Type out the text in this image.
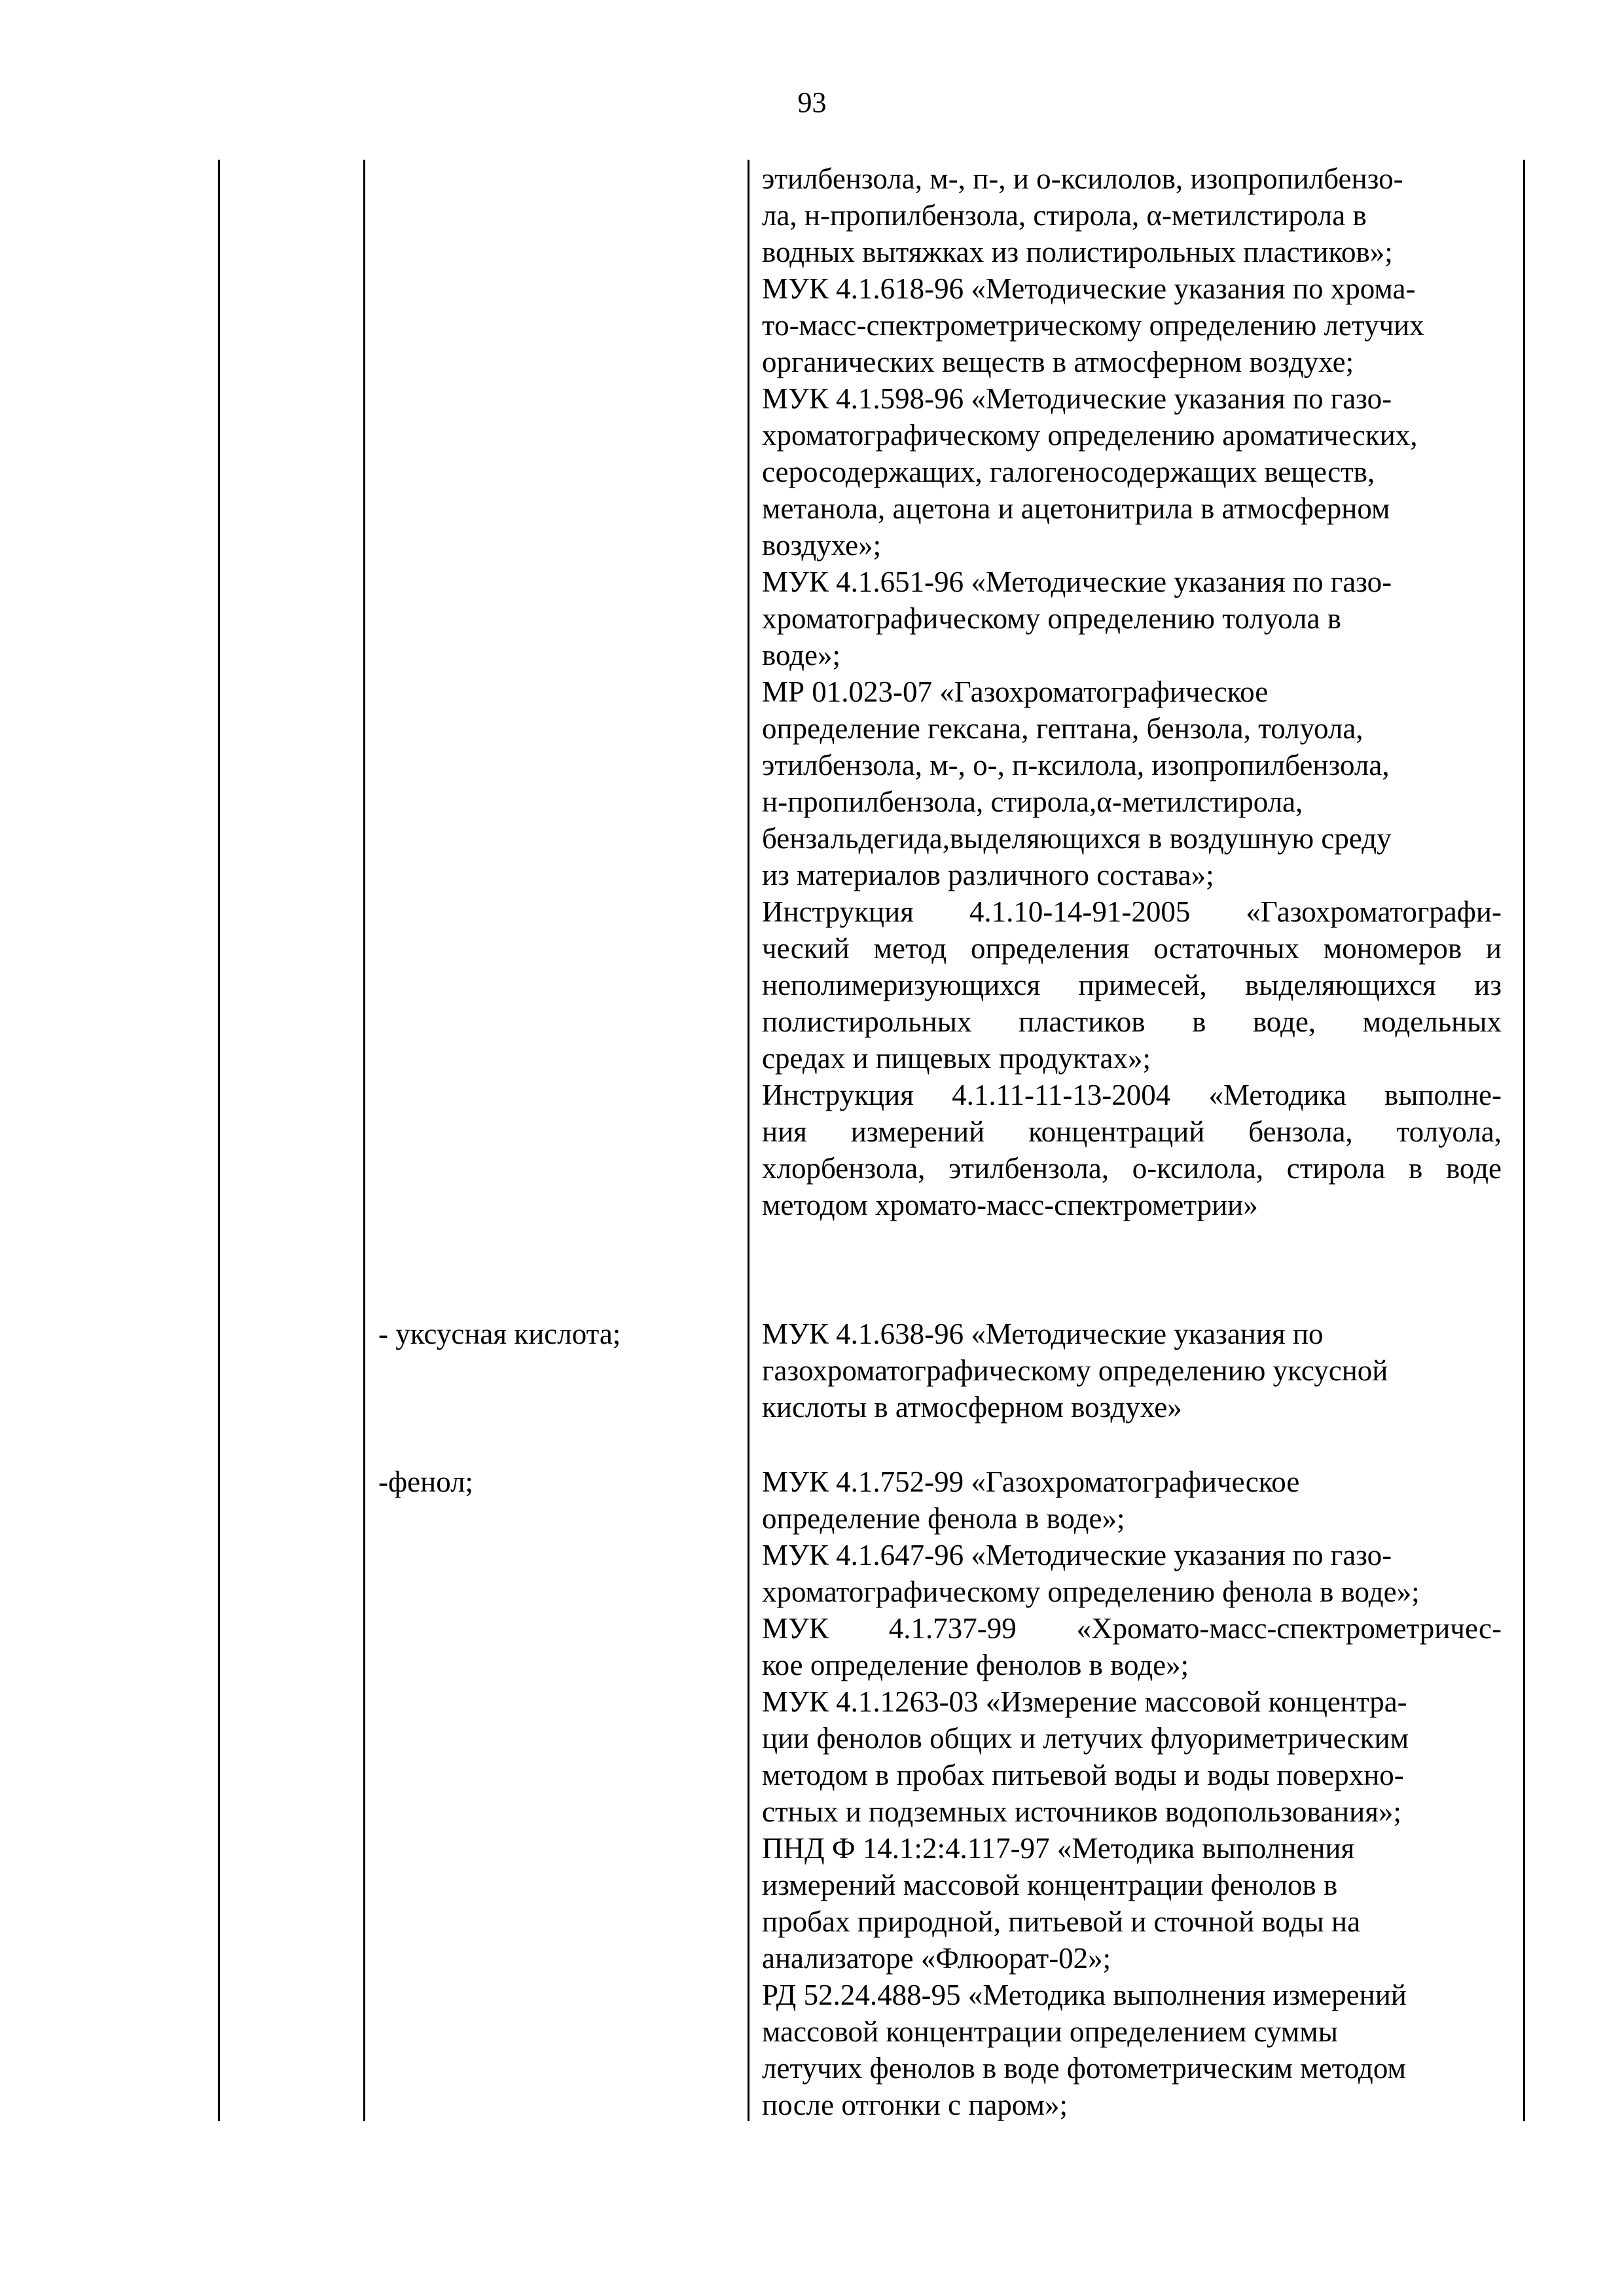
93
этилбензола, м-, п-, и о-ксилолов, изопропилбензо-
ла, н-пропилбензола, стирола, α-метилстирола в
водных вытяжках из полистирольных пластиков»;
МУК 4.1.618-96 «Методические указания по хрома-
то-масс-спектрометрическому определению летучих
органических веществ в атмосферном воздухе;
МУК 4.1.598-96 «Методические указания по газо-
хроматографическому определению ароматических,
серосодержащих, галогеносодержащих веществ,
метанола, ацетона и ацетонитрила в атмосферном
воздухе»;
МУК 4.1.651-96 «Методические указания по газо-
хроматографическому определению толуола в
воде»;
МР 01.023-07 «Газохроматографическое
определение гексана, гептана, бензола, толуола,
этилбензола, м-, о-, п-ксилола, изопропилбензола,
н-пропилбензола, стирола,α-метилстирола,
бензальдегида,выделяющихся в воздушную среду
из материалов различного состава»;
Инструкция 4.1.10-14-91-2005 «Газохроматографи-
ческий метод определения остаточных мономеров и
неполимеризующихся примесей, выделяющихся из
полистирольных пластиков в воде, модельных
средах и пищевых продуктах»;
Инструкция 4.1.11-11-13-2004 «Методика выполне-
ния измерений концентраций бензола, толуола,
хлорбензола, этилбензола, о-ксилола, стирола в воде
методом хромато-масс-спектрометрии»
- уксусная кислота;	МУК 4.1.638-96 «Методические указания по
газохроматографическому определению уксусной
кислоты в атмосферном воздухе»
-фенол;	МУК 4.1.752-99 «Газохроматографическое
определение фенола в воде»;
МУК 4.1.647-96 «Методические указания по газо-
хроматографическому определению фенола в воде»;
МУК 4.1.737-99 «Хромато-масс-спектрометричес-
кое определение фенолов в воде»;
МУК 4.1.1263-03 «Измерение массовой концентра-
ции фенолов общих и летучих флуориметрическим
методом в пробах питьевой воды и воды поверхно-
стных и подземных источников водопользования»;
ПНД Ф 14.1:2:4.117-97 «Методика выполнения
измерений массовой концентрации фенолов в
пробах природной, питьевой и сточной воды на
анализаторе «Флюорат-02»;
РД 52.24.488-95 «Методика выполнения измерений
массовой концентрации определением суммы
летучих фенолов в воде фотометрическим методом
после отгонки с паром»;
